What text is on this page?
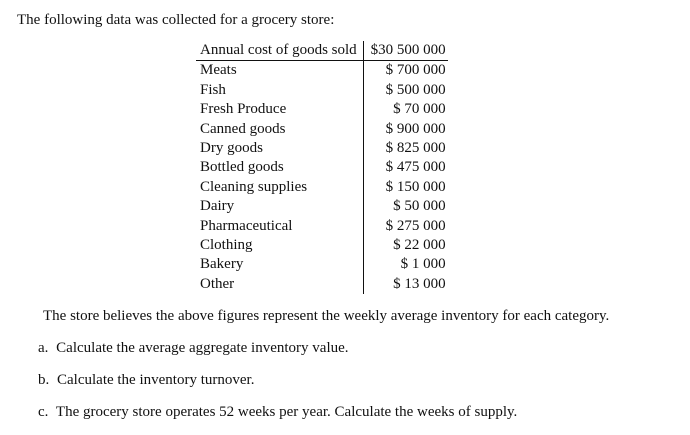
The following data was collected for a grocery store:
Annual cost of goods sold	$30 500 000
Meats	$ 700 000
Fish	$ 500 000
Fresh Produce	$ 70 000
Canned goods	$ 900 000
Dry goods	$ 825 000
Bottled goods	$ 475 000
Cleaning supplies	$ 150 000
Dairy	$ 50 000
Pharmaceutical	$ 275 000
Clothing	$ 22 000
Bakery	$ 1 000
Other	$ 13 000
The store believes the above figures represent the weekly average inventory for each category.
a. Calculate the average aggregate inventory value.
b. Calculate the inventory turnover.
c. The grocery store operates 52 weeks per year. Calculate the weeks of supply.
